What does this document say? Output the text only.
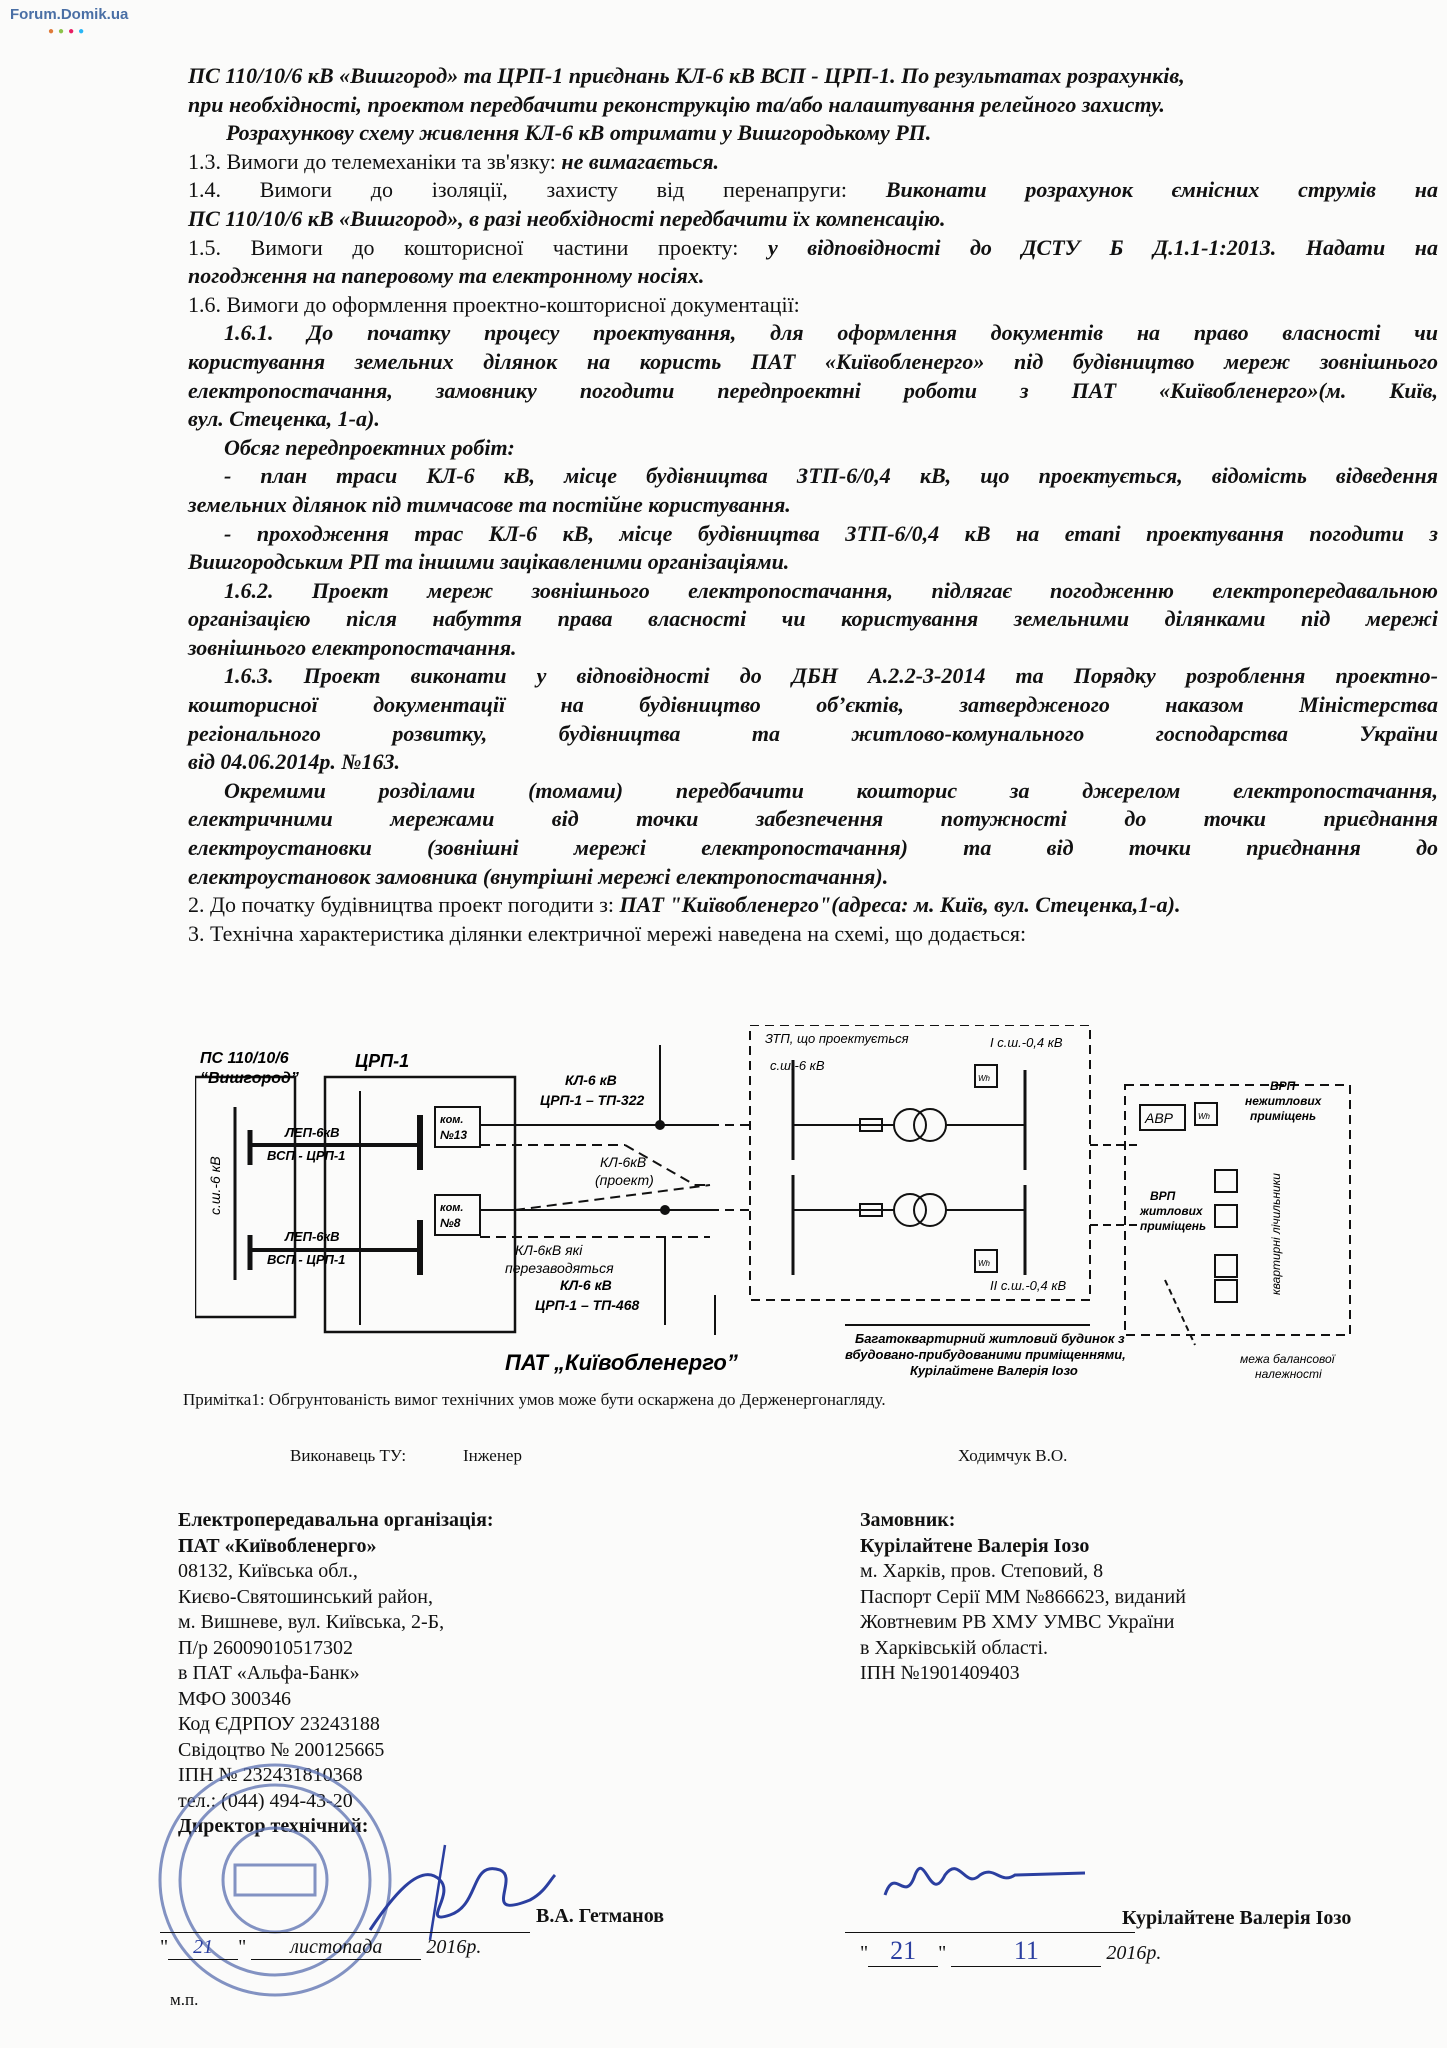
Forum.Domik.ua
●●●●

ПС 110/10/6 кВ «Вишгород» та ЦРП-1 приєднань КЛ-6 кВ ВСП - ЦРП-1. По результатах розрахунків,

при необхідності, проектом передбачити реконструкцію та/або налаштування релейного захисту.

Розрахункову схему живлення КЛ-6 кВ отримати у Вишгородькому РП.

1.3. Вимоги до телемеханіки та зв'язку: не вимагається.

1.4. Вимоги до ізоляції, захисту від перенапруги: Виконати розрахунок ємнісних струмів на

ПС 110/10/6 кВ «Вишгород», в разі необхідності передбачити їх компенсацію.

1.5. Вимоги до кошторисної частини проекту: у відповідності до ДСТУ Б Д.1.1-1:2013. Надати на

погодження на паперовому та електронному носіях.

1.6. Вимоги до оформлення проектно-кошторисної документації:

1.6.1. До початку процесу проектування, для оформлення документів на право власності чи

користування земельних ділянок на користь ПАТ «Київобленерго» під будівництво мереж зовнішнього

електропостачання, замовнику погодити передпроектні роботи з ПАТ «Київобленерго»(м. Київ,

вул. Стеценка, 1-а).

Обсяг передпроектних робіт:

- план траси КЛ-6 кВ, місце будівництва ЗТП-6/0,4 кВ, що проектується, відомість відведення

земельних ділянок під тимчасове та постійне користування.

- проходження трас КЛ-6 кВ, місце будівництва ЗТП-6/0,4 кВ на етапі проектування погодити з

Вишгородським РП та іншими зацікавленими організаціями.

1.6.2. Проект мереж зовнішнього електропостачання, підлягає погодженню електропередавальною

організацією після набуття права власності чи користування земельними ділянками під мережі

зовнішнього електропостачання.

1.6.3. Проект виконати у відповідності до ДБН А.2.2-3-2014 та Порядку розроблення проектно-

кошторисної документації на будівництво об’єктів, затвердженого наказом Міністерства

регіонального розвитку, будівництва та житлово-комунального господарства України

від 04.06.2014р. №163.

Окремими розділами (томами) передбачити кошторис за джерелом електропостачання,

електричними мережами від точки забезпечення потужності до точки приєднання

електроустановки (зовнішні мережі електропостачання) та від точки приєднання до

електроустановок замовника (внутрішні мережі електропостачання).

2. До початку будівництва проект погодити з: ПАТ "Київобленерго"(адреса: м. Київ, вул. Стеценка,1-а).

3. Технічна характеристика ділянки електричної мережі наведена на схемі, що додається:

ПС 110/10/6
“Вишгород”
с.ш.-6 кВ
ЦРП-1
ЛЕП-6кВ
ВСП - ЦРП-1
ЛЕП-6кВ
ВСП - ЦРП-1
ком.
№13
ком.
№8
КЛ-6 кВ
ЦРП-1 – ТП-322
КЛ-6кВ
(проект)
КЛ-6кВ які
перезаводяться
КЛ-6 кВ
ЦРП-1 – ТП-468
ЗТП, що проектується
с.ш.-6 кВ
I с.ш.-0,4 кВ
II с.ш.-0,4 кВ
АВР
ВРП
нежитлових
приміщень
ВРП
житлових
приміщень	квартирні лічильники
Багатоквартирний житловий будинок з
вбудовано-прибудованими приміщеннями,
Курілайтене Валерія Іозо
межа балансової
належності
ПАТ „Київобленерго”
Wh
Wh
Wh
Примітка1: Обгрунтованість вимог технічних умов може бути оскаржена до Держенергонагляду.
Виконавець ТУ:	Інженер	Ходимчук В.О.
Електропередавальна організація:
ПАТ «Київобленерго»
08132, Київська обл.,
Києво-Святошинський район,
м. Вишневе, вул. Київська, 2-Б,
П/р 26009010517302
в ПАТ «Альфа-Банк»
МФО 300346
Код ЄДРПОУ 23243188
Свідоцтво № 200125665
ІПН № 232431810368
тел.: (044) 494-43-20
Директор технічний:
Замовник:
Курілайтене Валерія Іозо
м. Харків, пров. Степовий, 8
Паспорт Серії ММ №866623, виданий
Жовтневим РВ ХМУ УМВС України
в Харківській області.
ІПН №1901409403
В.А. Гетманов	Курілайтене Валерія Іозо
" 21 " листопада 2016р.	" 21 " 11	2016р.
м.п.
